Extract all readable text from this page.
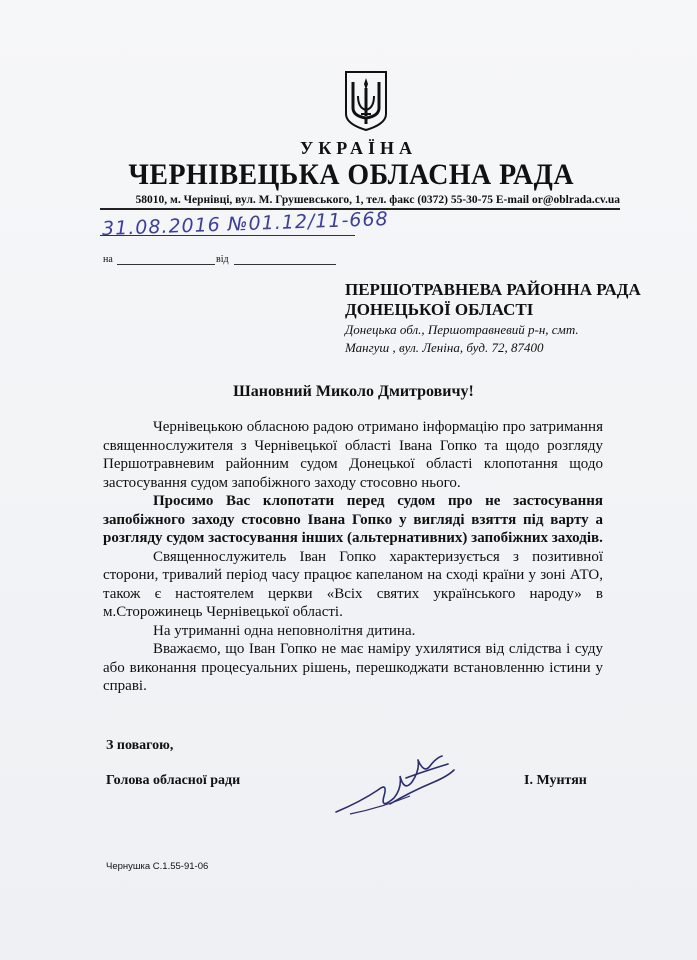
УКРАЇНА
ЧЕРНІВЕЦЬКА ОБЛАСНА РАДА
58010, м. Чернівці, вул. М. Грушевського, 1, тел. факс (0372) 55-30-75 E-mail or@oblrada.cv.ua
31.08.2016 №01.12/11-668
на	від
ПЕРШОТРАВНЕВА РАЙОННА РАДА
ДОНЕЦЬКОЇ ОБЛАСТІ
Донецька обл., Першотравневий р-н, смт.
Мангуш , вул. Леніна, буд. 72, 87400
Шановний Миколо Дмитровичу!

Чернівецькою обласною радою отримано інформацію про затримання священнослужителя з Чернівецької області Івана Гопко та щодо розгляду Першотравневим районним судом Донецької області клопотання щодо застосування судом запобіжного заходу стосовно нього.

Просимо Вас клопотати перед судом про не застосування запобіжного заходу стосовно Івана Гопко у вигляді взяття під варту а розгляду судом застосування інших (альтернативних) запобіжних заходів.

Священнослужитель Іван Гопко характеризується з позитивної сторони, тривалий період часу працює капеланом на сході країни у зоні АТО, також є настоятелем церкви «Всіх святих українського народу» в м.Сторожинець Чернівецької області.

На утриманні одна неповнолітня дитина.

Вважаємо, що Іван Гопко не має наміру ухилятися від слідства і суду або виконання процесуальних рішень, перешкоджати встановленню істини у справі.

З повагою,
Голова обласної ради	І. Мунтян
Чернушка С.1.55-91-06
